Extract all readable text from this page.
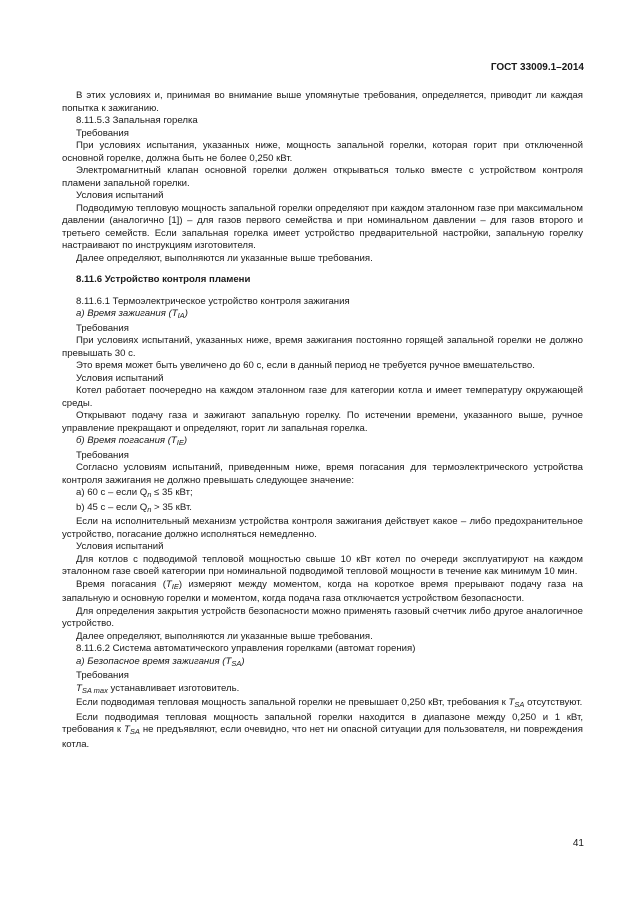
ГОСТ 33009.1–2014

В этих условиях и, принимая во внимание выше упомянутые требования, определяется, приводит ли каждая попытка к зажиганию.

8.11.5.3 Запальная горелка

Требования

При условиях испытания, указанных ниже, мощность запальной горелки, которая горит при отключенной основной горелке, должна быть не более 0,250 кВт.

Электромагнитный клапан основной горелки должен открываться только вместе с устройством контроля пламени запальной горелки.

Условия испытаний

Подводимую тепловую мощность запальной горелки определяют при каждом эталонном газе при максимальном давлении (аналогично [1]) – для газов первого семейства и при номинальном давлении – для газов второго и третьего семейств. Если запальная горелка имеет устройство предварительной настройки, запальную горелку настраивают по инструкциям изготовителя.

Далее определяют, выполняются ли указанные выше требования.

8.11.6 Устройство контроля пламени

8.11.6.1 Термоэлектрическое устройство контроля зажигания

а) Время зажигания $(T_{IA})$

Требования

При условиях испытаний, указанных ниже, время зажигания постоянно горящей запальной горелки не должно превышать 30 с.

Это время может быть увеличено до 60 с, если в данный период не требуется ручное вмешательство.

Условия испытаний

Котел работает поочередно на каждом эталонном газе для категории котла и имеет температуру окружающей среды.

Открывают подачу газа и зажигают запальную горелку. По истечении времени, указанного выше, ручное управление прекращают и определяют, горит ли запальная горелка.

б) Время погасания $(T_{IE})$

Требования

Согласно условиям испытаний, приведенным ниже, время погасания для термоэлектрического устройства контроля зажигания не должно превышать следующее значение:

а) 60 с – если $Q_n \le 35$ кВт;

b) 45 с – если $Q_n > 35$ кВт.

Если на исполнительный механизм устройства контроля зажигания действует какое – либо предохранительное устройство, погасание должно исполняться немедленно.

Условия испытаний

Для котлов с подводимой тепловой мощностью свыше 10 кВт котел по очереди эксплуатируют на каждом эталонном газе своей категории при номинальной подводимой тепловой мощности в течение как минимум 10 мин.

Время погасания $(T_{IE})$ измеряют между моментом, когда на короткое время прерывают подачу газа на запальную и основную горелки и моментом, когда подача газа отключается устройством безопасности.

Для определения закрытия устройств безопасности можно применять газовый счетчик либо другое аналогичное устройство.

Далее определяют, выполняются ли указанные выше требования.

8.11.6.2 Система автоматического управления горелками (автомат горения)

а) Безопасное время зажигания $(T_{SA})$

Требования

$T_{SA max}$ устанавливает изготовитель.

Если подводимая тепловая мощность запальной горелки не превышает 0,250 кВт, требования к $T_{SA}$ отсутствуют.

Если подводимая тепловая мощность запальной горелки находится в диапазоне между 0,250 и 1 кВт, требования к $T_{SA}$ не предъявляют, если очевидно, что нет ни опасной ситуации для пользователя, ни повреждения котла.

41
